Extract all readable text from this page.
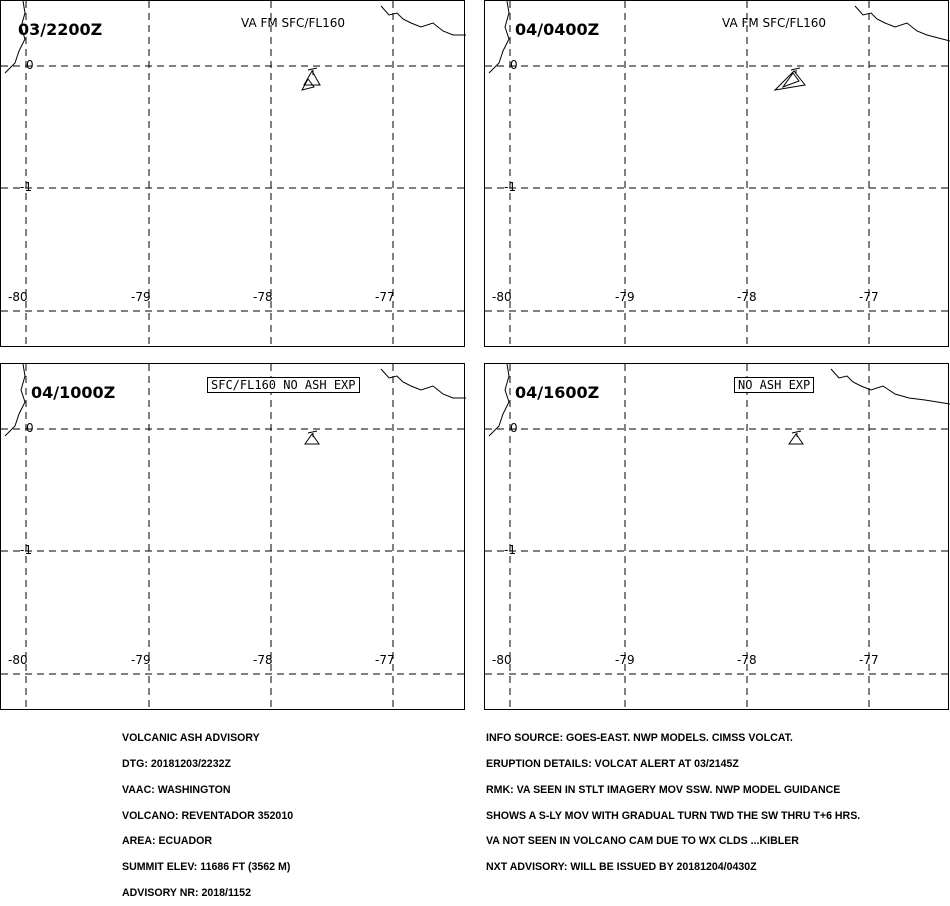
03/2200Z	VA FM SFC/FL160
0
-1
-80	-79	-78	-77
04/0400Z	VA FM SFC/FL160
0
-1
-80	-79	-78	-77
04/1000Z	SFC/FL160 NO ASH EXP
0
-1
-80	-79	-78	-77
04/1600Z	NO ASH EXP
0
-1
-80	-79	-78	-77

VOLCANIC ASH ADVISORY

DTG: 20181203/2232Z

VAAC: WASHINGTON

VOLCANO: REVENTADOR 352010

AREA: ECUADOR

SUMMIT ELEV: 11686 FT (3562 M)

ADVISORY NR: 2018/1152

INFO SOURCE: GOES-EAST. NWP MODELS. CIMSS VOLCAT.

ERUPTION DETAILS: VOLCAT ALERT AT 03/2145Z

RMK: VA SEEN IN STLT IMAGERY MOV SSW. NWP MODEL GUIDANCE

SHOWS A S-LY MOV WITH GRADUAL TURN TWD THE SW THRU T+6 HRS.

VA NOT SEEN IN VOLCANO CAM DUE TO WX CLDS ...KIBLER

NXT ADVISORY: WILL BE ISSUED BY 20181204/0430Z
